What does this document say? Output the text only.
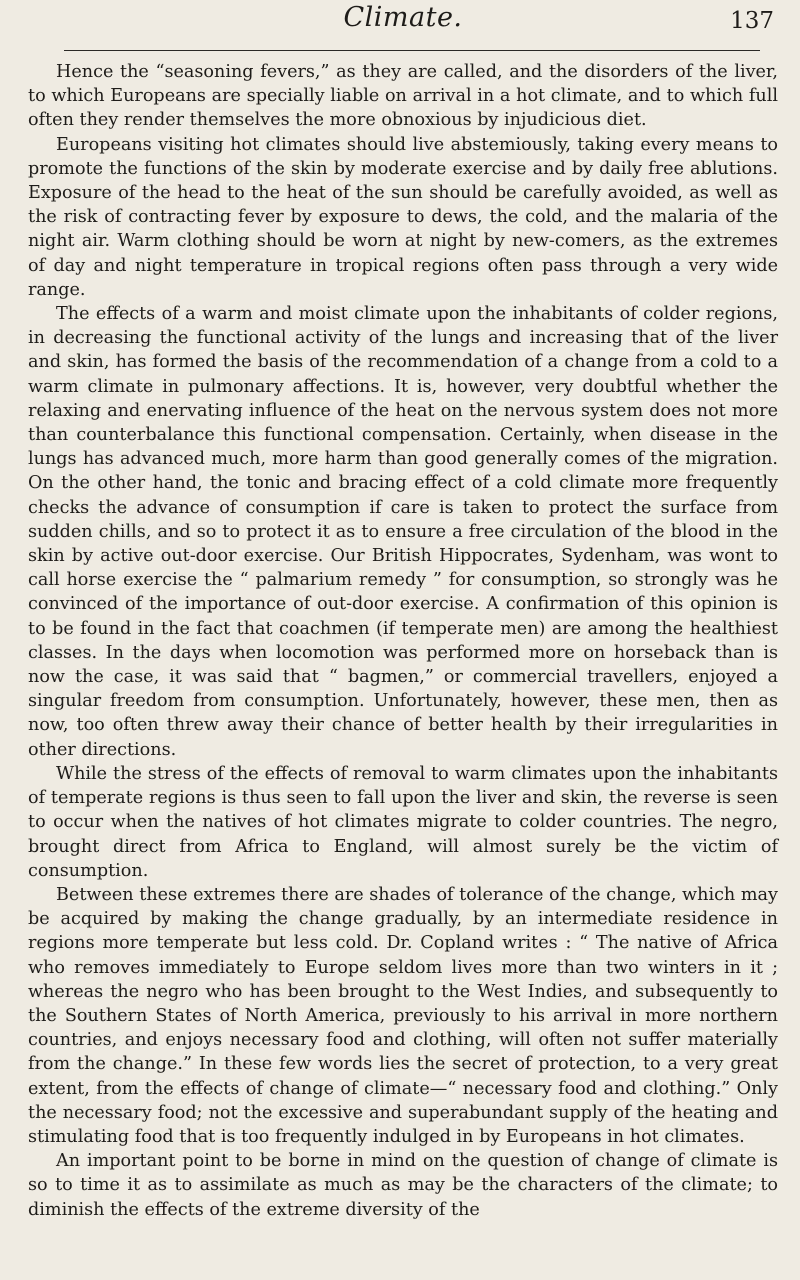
Climate.	137

Hence the “seasoning fevers,” as they are called, and the disorders of the liver, to which Europeans are specially liable on arrival in a hot climate, and to which full often they render themselves the more obnoxious by injudicious diet.

Europeans visiting hot climates should live abstemiously, taking every means to promote the functions of the skin by moderate exercise and by daily free ablutions. Exposure of the head to the heat of the sun should be carefully avoided, as well as the risk of contracting fever by exposure to dews, the cold, and the malaria of the night air. Warm clothing should be worn at night by new-comers, as the extremes of day and night temperature in tropical regions often pass through a very wide range.

The effects of a warm and moist climate upon the inhabitants of colder regions, in decreasing the functional activity of the lungs and increasing that of the liver and skin, has formed the basis of the recommendation of a change from a cold to a warm climate in pulmonary affections. It is, however, very doubtful whether the relaxing and enervating influence of the heat on the nervous system does not more than counterbalance this functional compensation. Certainly, when disease in the lungs has advanced much, more harm than good generally comes of the migration. On the other hand, the tonic and bracing effect of a cold climate more frequently checks the advance of consumption if care is taken to protect the surface from sudden chills, and so to protect it as to ensure a free circulation of the blood in the skin by active out-door exercise. Our British Hippocrates, Sydenham, was wont to call horse exercise the “ palmarium remedy ” for consumption, so strongly was he convinced of the importance of out-door exercise. A confirmation of this opinion is to be found in the fact that coachmen (if temperate men) are among the healthiest classes. In the days when locomotion was performed more on horseback than is now the case, it was said that “ bagmen,” or commercial travellers, enjoyed a singular freedom from consumption. Unfortunately, however, these men, then as now, too often threw away their chance of better health by their irregularities in other directions.

While the stress of the effects of removal to warm climates upon the inhabitants of temperate regions is thus seen to fall upon the liver and skin, the reverse is seen to occur when the natives of hot climates migrate to colder countries. The negro, brought direct from Africa to England, will almost surely be the victim of consumption.

Between these extremes there are shades of tolerance of the change, which may be acquired by making the change gradually, by an intermediate residence in regions more temperate but less cold. Dr. Copland writes : “ The native of Africa who removes immediately to Europe seldom lives more than two winters in it ; whereas the negro who has been brought to the West Indies, and subsequently to the Southern States of North America, previously to his arrival in more northern countries, and enjoys necessary food and clothing, will often not suffer materially from the change.” In these few words lies the secret of protection, to a very great extent, from the effects of change of climate—“ necessary food and clothing.” Only the necessary food; not the excessive and superabundant supply of the heating and stimulating food that is too frequently indulged in by Europeans in hot climates.

An important point to be borne in mind on the question of change of climate is so to time it as to assimilate as much as may be the characters of the climate; to diminish the effects of the extreme diversity of the
